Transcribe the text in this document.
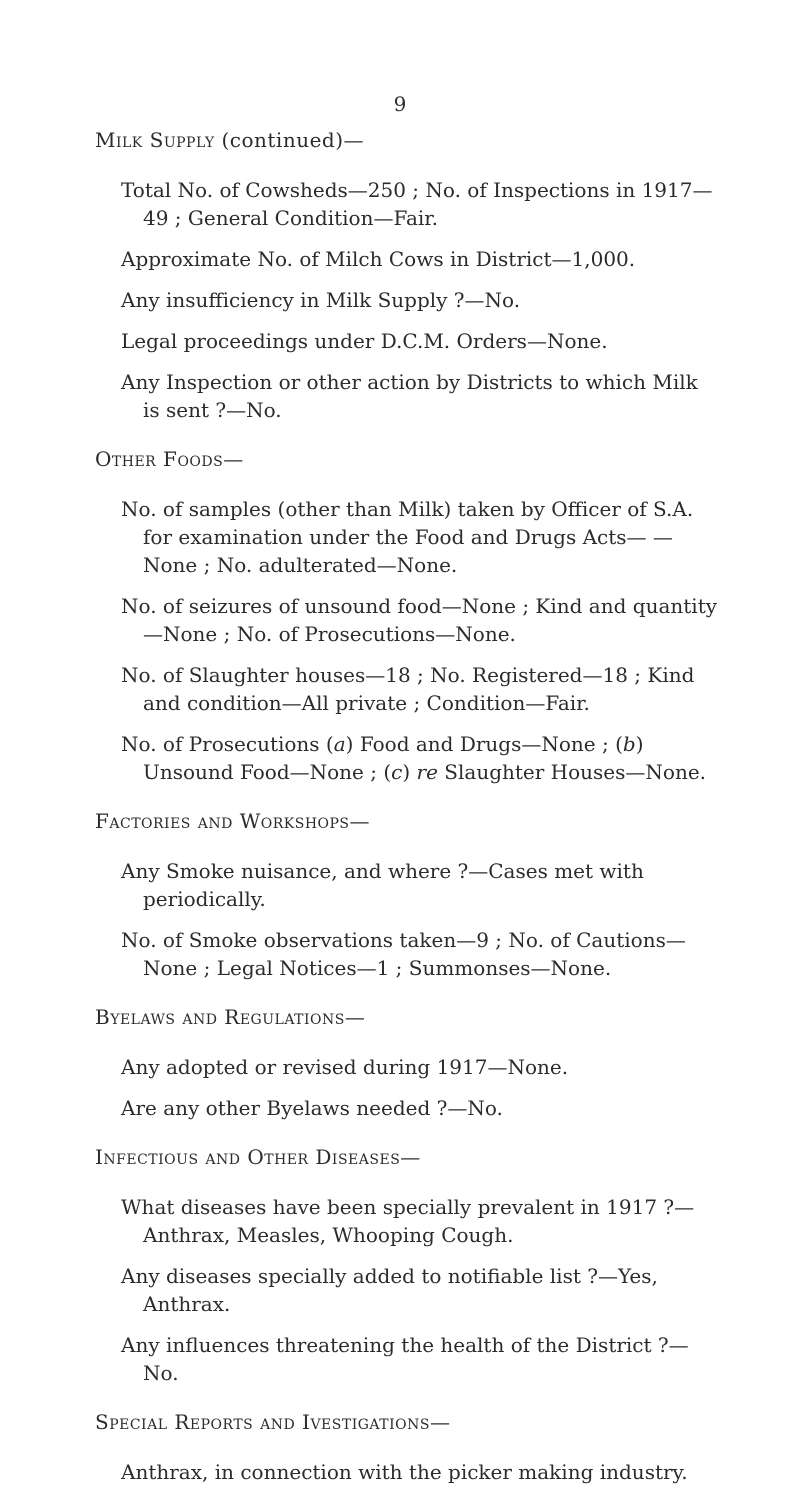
9
Milk Supply (continued)—
Total No. of Cowsheds—250 ; No. of Inspections in 1917—49 ; General Condition—Fair.
Approximate No. of Milch Cows in District—1,000.
Any insufficiency in Milk Supply ?—No.
Legal proceedings under D.C.M. Orders—None.
Any Inspection or other action by Districts to which Milk is sent ?—No.
Other Foods—
No. of samples (other than Milk) taken by Officer of S.A. for examination under the Food and Drugs Acts— —None ; No. adulterated—None.
No. of seizures of unsound food—None ; Kind and quantity—None ; No. of Prosecutions—None.
No. of Slaughter houses—18 ; No. Registered—18 ; Kind and condition—All private ; Condition—Fair.
No. of Prosecutions (a) Food and Drugs—None ; (b) Unsound Food—None ; (c) re Slaughter Houses—None.
Factories and Workshops—
Any Smoke nuisance, and where ?—Cases met with periodically.
No. of Smoke observations taken—9 ; No. of Cautions— None ; Legal Notices—1 ; Summonses—None.
Byelaws and Regulations—
Any adopted or revised during 1917—None.
Are any other Byelaws needed ?—No.
Infectious and Other Diseases—
What diseases have been specially prevalent in 1917 ?— Anthrax, Measles, Whooping Cough.
Any diseases specially added to notifiable list ?—Yes, Anthrax.
Any influences threatening the health of the District ?— No.
Special Reports and Ivestigations—
Anthrax, in connection with the picker making industry.
